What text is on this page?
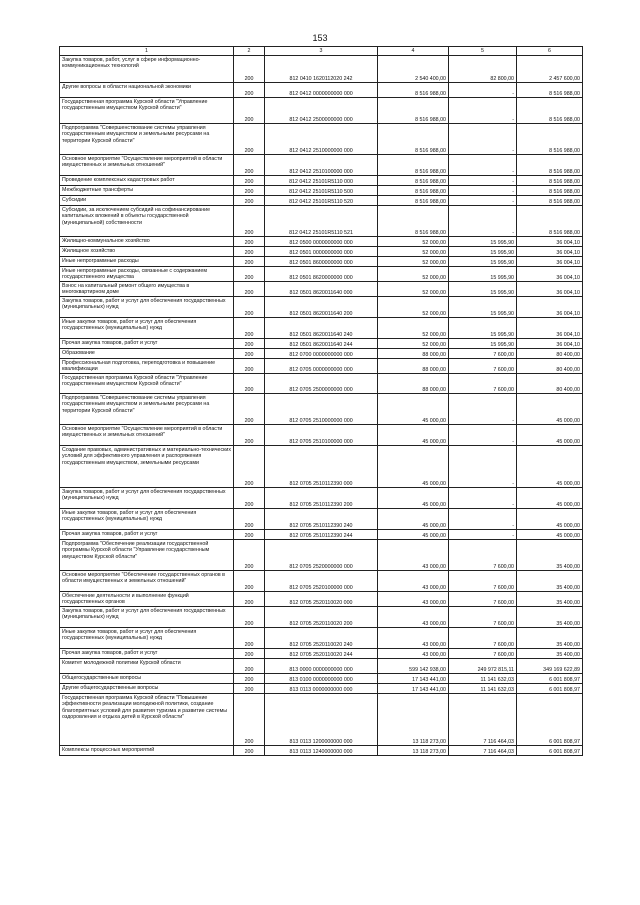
153
1	2	3	4	5	6
Закупка товаров, работ, услуг в сфере информационно-коммуникационных технологий	200	812 0410 1620112020 242	2 540 400,00	82 800,00	2 457 600,00
Другие вопросы в области национальной экономики	200	812 0412 0000000000 000	8 516 988,00	-	8 516 988,00
Государственная программа Курской области "Управление государственным имуществом Курской области"	200	812 0412 2500000000 000	8 516 988,00	-	8 516 988,00
Подпрограмма "Совершенствование системы управления государственным имуществом и земельными ресурсами на территории Курской области"	200	812 0412 2510000000 000	8 516 988,00	-	8 516 988,00
Основное мероприятие "Осуществление мероприятий в области имущественных и земельных отношений"	200	812 0412 2510100000 000	8 516 988,00	-	8 516 988,00
Проведение комплексных кадастровых работ	200	812 0412 25101R5110 000	8 516 988,00	-	8 516 988,00
Межбюджетные трансферты	200	812 0412 25101R5110 500	8 516 988,00	-	8 516 988,00
Субсидии	200	812 0412 25101R5110 520	8 516 988,00	-	8 516 988,00
Субсидии, за исключением субсидий на софинансирование капитальных вложений в объекты государственной (муниципальной) собственности	200	812 0412 25101R5110 521	8 516 988,00	-	8 516 988,00
Жилищно-коммунальное хозяйство	200	812 0500 0000000000 000	52 000,00	15 995,90	36 004,10
Жилищное хозяйство	200	812 0501 0000000000 000	52 000,00	15 995,90	36 004,10
Иные непрограммные расходы	200	812 0501 8600000000 000	52 000,00	15 995,90	36 004,10
Иные непрограммные расходы, связанные с содержанием государственного имущества	200	812 0501 8620000000 000	52 000,00	15 995,90	36 004,10
Взнос на капитальный ремонт общего имущества в многоквартирном доме	200	812 0501 8620011640 000	52 000,00	15 995,90	36 004,10
Закупка товаров, работ и услуг для обеспечения государственных (муниципальных) нужд	200	812 0501 8620011640 200	52 000,00	15 995,90	36 004,10
Иные закупки товаров, работ и услуг для обеспечения государственных (муниципальных) нужд	200	812 0501 8620011640 240	52 000,00	15 995,90	36 004,10
Прочая закупка товаров, работ и услуг	200	812 0501 8620011640 244	52 000,00	15 995,90	36 004,10
Образование	200	812 0700 0000000000 000	88 000,00	7 600,00	80 400,00
Профессиональная подготовка, переподготовка и повышение квалификации	200	812 0705 0000000000 000	88 000,00	7 600,00	80 400,00
Государственная программа Курской области "Управление государственным имуществом Курской области"	200	812 0705 2500000000 000	88 000,00	7 600,00	80 400,00
Подпрограмма "Совершенствование системы управления государственным имуществом и земельными ресурсами на территории Курской области"	200	812 0705 2510000000 000	45 000,00	-	45 000,00
Основное мероприятие "Осуществление мероприятий в области имущественных и земельных отношений"	200	812 0705 2510100000 000	45 000,00	-	45 000,00
Создание правовых, административных и материально-технических условий для эффективного управления и распоряжения государственным имуществом, земельными ресурсами	200	812 0705 2510112390 000	45 000,00	-	45 000,00
Закупка товаров, работ и услуг для обеспечения государственных (муниципальных) нужд	200	812 0705 2510112390 200	45 000,00	-	45 000,00
Иные закупки товаров, работ и услуг для обеспечения государственных (муниципальных) нужд	200	812 0705 2510112390 240	45 000,00	-	45 000,00
Прочая закупка товаров, работ и услуг	200	812 0705 2510112390 244	45 000,00	-	45 000,00
Подпрограмма "Обеспечение реализации государственной программы Курской области "Управление государственным имуществом Курской области"	200	812 0705 2520000000 000	43 000,00	7 600,00	35 400,00
Основное мероприятие "Обеспечение государственных органов в области имущественных и земельных отношений"	200	812 0705 2520100000 000	43 000,00	7 600,00	35 400,00
Обеспечение деятельности и выполнение функций государственных органов	200	812 0705 2520110020 000	43 000,00	7 600,00	35 400,00
Закупка товаров, работ и услуг для обеспечения государственных (муниципальных) нужд	200	812 0705 2520110020 200	43 000,00	7 600,00	35 400,00
Иные закупки товаров, работ и услуг для обеспечения государственных (муниципальных) нужд	200	812 0705 2520110020 240	43 000,00	7 600,00	35 400,00
Прочая закупка товаров, работ и услуг	200	812 0705 2520110020 244	43 000,00	7 600,00	35 400,00
Комитет молодежной политики Курской области	200	813 0000 0000000000 000	599 142 938,00	249 972 815,11	349 169 622,89
Общегосударственные вопросы	200	813 0100 0000000000 000	17 143 441,00	11 141 632,03	6 001 808,97
Другие общегосударственные вопросы	200	813 0113 0000000000 000	17 143 441,00	11 141 632,03	6 001 808,97
Государственная программа Курской области "Повышение эффективности реализации молодежной политики, создание благоприятных условий для развития туризма и развитие системы оздоровления и отдыха детей в Курской области"	200	813 0113 1200000000 000	13 118 273,00	7 116 464,03	6 001 808,97
Комплексы процессных мероприятий	200	813 0113 1240000000 000	13 118 273,00	7 116 464,03	6 001 808,97
